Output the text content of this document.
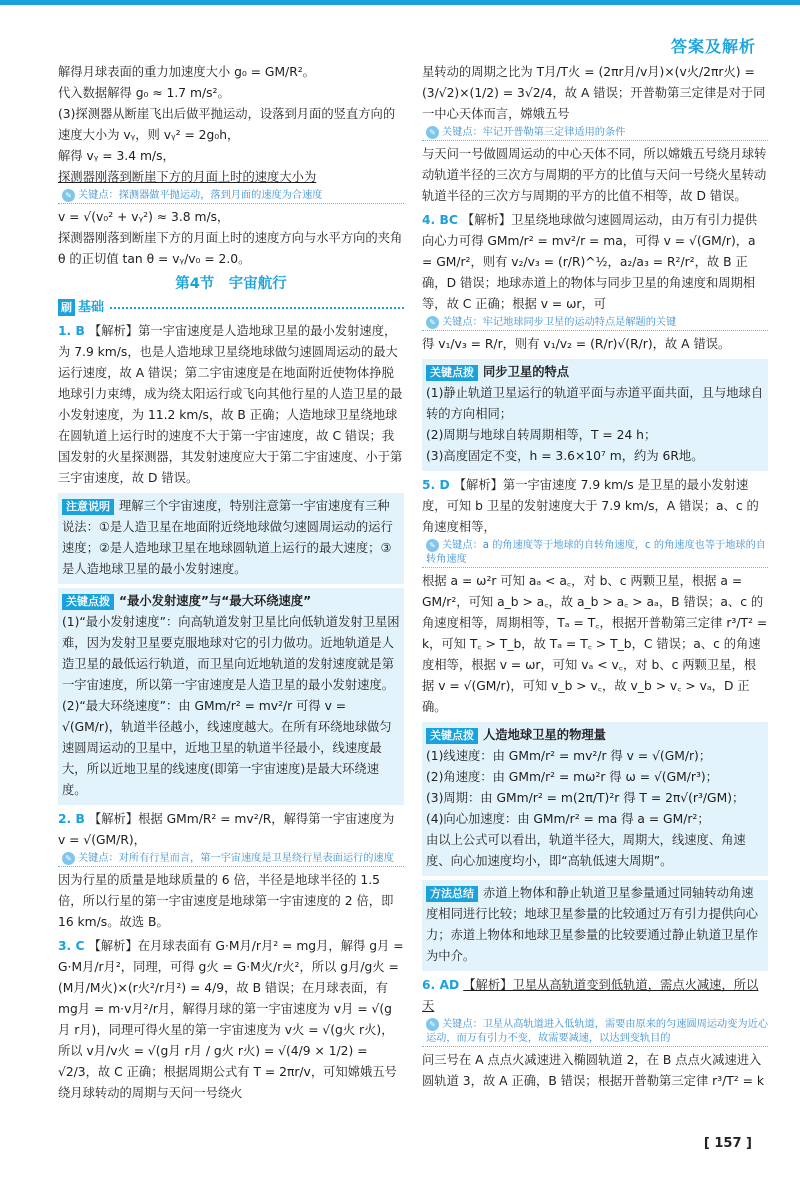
答案及解析

解得月球表面的重力加速度大小 g₀ = GM/R²。

代入数据解得 g₀ ≈ 1.7 m/s²。

(3)探测器从断崖飞出后做平抛运动，设落到月面的竖直方向的速度大小为 vᵧ，则 vᵧ² = 2g₀h，

解得 vᵧ = 3.4 m/s，

探测器刚落到断崖下方的月面上时的速度大小为

✎ 关键点：探测器做平抛运动，落到月面的速度为合速度

v = √(v₀² + vᵧ²) ≈ 3.8 m/s，

探测器刚落到断崖下方的月面上时的速度方向与水平方向的夹角 θ 的正切值 tan θ = vᵧ/v₀ = 2.0。

第4节　宇宙航行
刷 基础
1. B 【解析】第一宇宙速度是人造地球卫星的最小发射速度，为 7.9 km/s，也是人造地球卫星绕地球做匀速圆周运动的最大运行速度，故 A 错误；第二宇宙速度是在地面附近使物体挣脱地球引力束缚，成为绕太阳运行或飞向其他行星的人造卫星的最小发射速度，为 11.2 km/s，故 B 正确；人造地球卫星绕地球在圆轨道上运行时的速度不大于第一宇宙速度，故 C 错误；我国发射的火星探测器，其发射速度应大于第二宇宙速度、小于第三宇宙速度，故 D 错误。
注意说明 理解三个宇宙速度，特别注意第一宇宙速度有三种说法：①是人造卫星在地面附近绕地球做匀速圆周运动的运行速度；②是人造地球卫星在地球圆轨道上运行的最大速度；③是人造地球卫星的最小发射速度。
关键点拨 “最小发射速度”与“最大环绕速度”

(1)“最小发射速度”：向高轨道发射卫星比向低轨道发射卫星困难，因为发射卫星要克服地球对它的引力做功。近地轨道是人造卫星的最低运行轨道，而卫星向近地轨道的发射速度就是第一宇宙速度，所以第一宇宙速度是人造卫星的最小发射速度。

(2)“最大环绕速度”：由 GMm/r² = mv²/r 可得 v = √(GM/r)，轨道半径越小，线速度越大。在所有环绕地球做匀速圆周运动的卫星中，近地卫星的轨道半径最小，线速度最大，所以近地卫星的线速度(即第一宇宙速度)是最大环绕速度。

2. B 【解析】根据 GMm/R² = mv²/R，解得第一宇宙速度为 v = √(GM/R)，
✎ 关键点：对所有行星而言，第一宇宙速度是卫星绕行星表面运行的速度

因为行星的质量是地球质量的 6 倍，半径是地球半径的 1.5 倍，所以行星的第一宇宙速度是地球第一宇宙速度的 2 倍，即 16 km/s。故选 B。

3. C 【解析】在月球表面有 G·M月/r月² = mg月，解得 g月 = G·M月/r月²，同理，可得 g火 = G·M火/r火²，所以 g月/g火 = (M月/M火)×(r火²/r月²) = 4/9，故 B 错误；在月球表面，有 mg月 = m·v月²/r月，解得月球的第一宇宙速度为 v月 = √(g月 r月)，同理可得火星的第一宇宙速度为 v火 = √(g火 r火)，所以 v月/v火 = √(g月 r月 / g火 r火) = √(4/9 × 1/2) = √2/3，故 C 正确；根据周期公式有 T = 2πr/v，可知嫦娥五号绕月球转动的周期与天问一号绕火

星转动的周期之比为 T月/T火 = (2πr月/v月)×(v火/2πr火) = (3/√2)×(1/2) = 3√2/4，故 A 错误；开普勒第三定律是对于同一中心天体而言，嫦娥五号

✎ 关键点：牢记开普勒第三定律适用的条件

与天问一号做圆周运动的中心天体不同，所以嫦娥五号绕月球转动轨道半径的三次方与周期的平方的比值与天问一号绕火星转动轨道半径的三次方与周期的平方的比值不相等，故 D 错误。

4. BC 【解析】卫星绕地球做匀速圆周运动，由万有引力提供向心力可得 GMm/r² = mv²/r = ma，可得 v = √(GM/r)，a = GM/r²，则有 v₂/v₃ = (r/R)^½，a₂/a₃ = R²/r²，故 B 正确，D 错误；地球赤道上的物体与同步卫星的角速度和周期相等，故 C 正确；根据 v = ωr，可
✎ 关键点：牢记地球同步卫星的运动特点是解题的关键

得 v₁/v₃ = R/r，则有 v₁/v₂ = (R/r)√(R/r)，故 A 错误。

关键点拨 同步卫星的特点

(1)静止轨道卫星运行的轨道平面与赤道平面共面，且与地球自转的方向相同；

(2)周期与地球自转周期相等，T = 24 h；

(3)高度固定不变，h = 3.6×10⁷ m，约为 6R地。

5. D 【解析】第一宇宙速度 7.9 km/s 是卫星的最小发射速度，可知 b 卫星的发射速度大于 7.9 km/s，A 错误；a、c 的角速度相等，
✎ 关键点：a 的角速度等于地球的自转角速度，c 的角速度也等于地球的自转角速度

根据 a = ω²r 可知 aₐ < a꜀，对 b、c 两颗卫星，根据 a = GM/r²，可知 a_b > a꜀，故 a_b > a꜀ > aₐ，B 错误；a、c 的角速度相等，周期相等，Tₐ = T꜀，根据开普勒第三定律 r³/T² = k，可知 T꜀ > T_b，故 Tₐ = T꜀ > T_b，C 错误；a、c 的角速度相等，根据 v = ωr，可知 vₐ < v꜀，对 b、c 两颗卫星，根据 v = √(GM/r)，可知 v_b > v꜀，故 v_b > v꜀ > vₐ，D 正确。

关键点拨 人造地球卫星的物理量

(1)线速度：由 GMm/r² = mv²/r 得 v = √(GM/r)；

(2)角速度：由 GMm/r² = mω²r 得 ω = √(GM/r³)；

(3)周期：由 GMm/r² = m(2π/T)²r 得 T = 2π√(r³/GM)；

(4)向心加速度：由 GMm/r² = ma 得 a = GM/r²；

由以上公式可以看出，轨道半径大，周期大，线速度、角速度、向心加速度均小，即“高轨低速大周期”。

方法总结 赤道上物体和静止轨道卫星参量通过同轴转动角速度相同进行比较；地球卫星参量的比较通过万有引力提供向心力；赤道上物体和地球卫星参量的比较要通过静止轨道卫星作为中介。
6. AD 【解析】卫星从高轨道变到低轨道，需点火减速，所以天
✎ 关键点：卫星从高轨道进入低轨道，需要由原来的匀速圆周运动变为近心运动，而万有引力不变，故需要减速，以达到变轨目的

问三号在 A 点点火减速进入椭圆轨道 2，在 B 点点火减速进入圆轨道 3，故 A 正确，B 错误；根据开普勒第三定律 r³/T² = k

[ 157 ]
